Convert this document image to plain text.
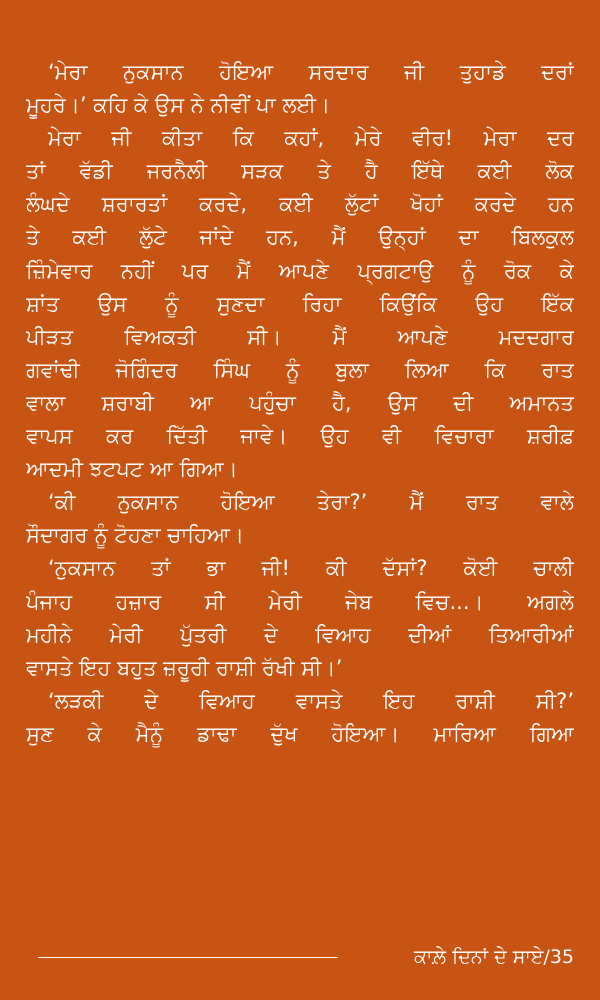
‘ਮੇਰਾ ਨੁਕਸਾਨ ਹੋਇਆ ਸਰਦਾਰ ਜੀ ਤੁਹਾਡੇ ਦਰਾਂ
ਮੂਹਰੇ।’ ਕਹਿ ਕੇ ਉਸ ਨੇ ਨੀਵੀਂ ਪਾ ਲਈ।
ਮੇਰਾ ਜੀ ਕੀਤਾ ਕਿ ਕਹਾਂ, ਮੇਰੇ ਵੀਰ! ਮੇਰਾ ਦਰ
ਤਾਂ ਵੱਡੀ ਜਰਨੈਲੀ ਸੜਕ ਤੇ ਹੈ ਇੱਥੇ ਕਈ ਲੋਕ
ਲੰਘਦੇ ਸ਼ਰਾਰਤਾਂ ਕਰਦੇ, ਕਈ ਲੁੱਟਾਂ ਖੋਹਾਂ ਕਰਦੇ ਹਨ
ਤੇ ਕਈ ਲੁੱਟੇ ਜਾਂਦੇ ਹਨ, ਮੈਂ ਉਨ੍ਹਾਂ ਦਾ ਬਿਲਕੁਲ
ਜ਼ਿੰਮੇਵਾਰ ਨਹੀਂ ਪਰ ਮੈਂ ਆਪਣੇ ਪ੍ਰਗਟਾਉ ਨੂੰ ਰੋਕ ਕੇ
ਸ਼ਾਂਤ ਉਸ ਨੂੰ ਸੁਣਦਾ ਰਿਹਾ ਕਿਉਂਕਿ ਉਹ ਇੱਕ
ਪੀੜਤ ਵਿਅਕਤੀ ਸੀ। ਮੈਂ ਆਪਣੇ ਮਦਦਗਾਰ
ਗਵਾਂਢੀ ਜੋਗਿੰਦਰ ਸਿੰਘ ਨੂੰ ਬੁਲਾ ਲਿਆ ਕਿ ਰਾਤ
ਵਾਲਾ ਸ਼ਰਾਬੀ ਆ ਪਹੁੰਚਾ ਹੈ, ਉਸ ਦੀ ਅਮਾਨਤ
ਵਾਪਸ ਕਰ ਦਿੱਤੀ ਜਾਵੇ। ਉਹ ਵੀ ਵਿਚਾਰਾ ਸ਼ਰੀਫ਼
ਆਦਮੀ ਝਟਪਟ ਆ ਗਿਆ।
‘ਕੀ ਨੁਕਸਾਨ ਹੋਇਆ ਤੇਰਾ?’ ਮੈਂ ਰਾਤ ਵਾਲੇ
ਸੌਦਾਗਰ ਨੂੰ ਟੋਹਣਾ ਚਾਹਿਆ।
‘ਨੁਕਸਾਨ ਤਾਂ ਭਾ ਜੀ! ਕੀ ਦੱਸਾਂ? ਕੋਈ ਚਾਲੀ
ਪੰਜਾਹ ਹਜ਼ਾਰ ਸੀ ਮੇਰੀ ਜੇਬ ਵਿਚ...। ਅਗਲੇ
ਮਹੀਨੇ ਮੇਰੀ ਪੁੱਤਰੀ ਦੇ ਵਿਆਹ ਦੀਆਂ ਤਿਆਰੀਆਂ
ਵਾਸਤੇ ਇਹ ਬਹੁਤ ਜ਼ਰੂਰੀ ਰਾਸ਼ੀ ਰੱਖੀ ਸੀ।’
‘ਲੜਕੀ ਦੇ ਵਿਆਹ ਵਾਸਤੇ ਇਹ ਰਾਸ਼ੀ ਸੀ?’
ਸੁਣ ਕੇ ਮੈਨੂੰ ਡਾਢਾ ਦੁੱਖ ਹੋਇਆ। ਮਾਰਿਆ ਗਿਆ
ਕਾਲ਼ੇ ਦਿਨਾਂ ਦੇ ਸਾਏ/35
